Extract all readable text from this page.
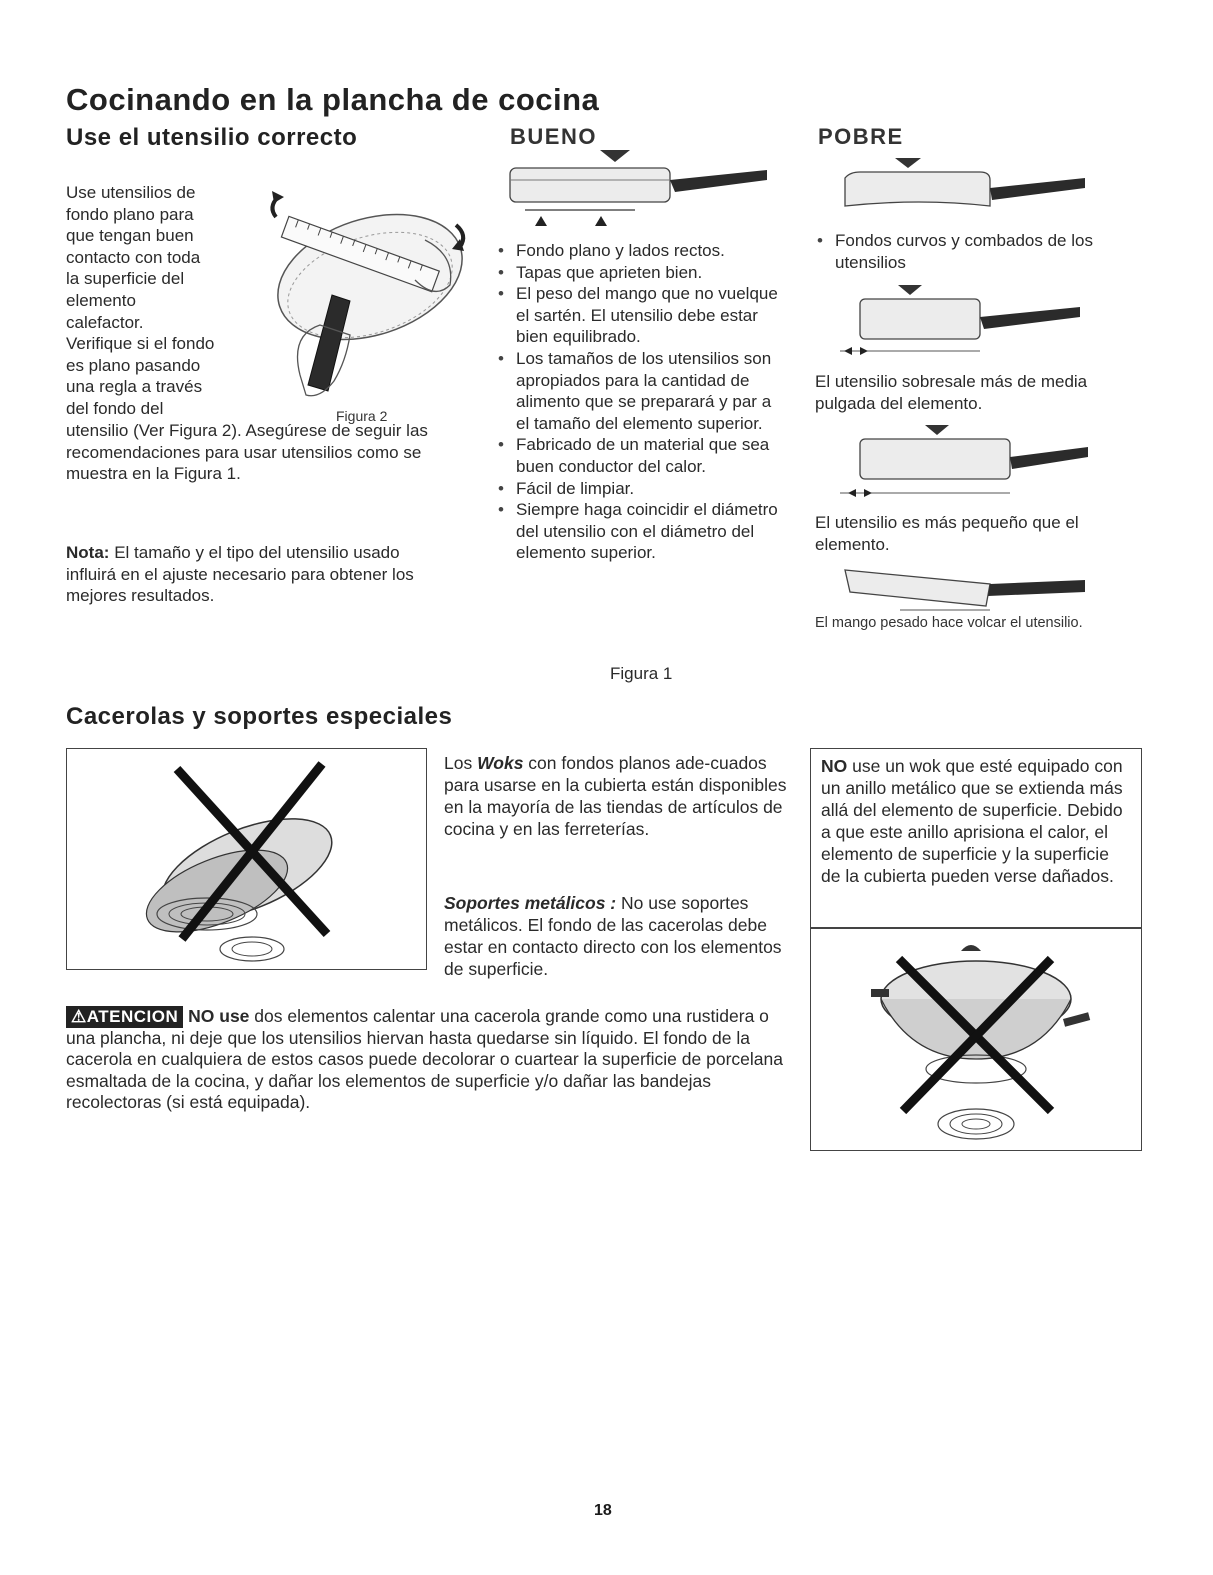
Cocinando en la plancha de cocina
Use el utensilio correcto
Use utensilios de
fondo plano para
que tengan buen
contacto con toda
la superficie del
elemento
calefactor.
Verifique si el fondo
es plano pasando
una regla a través
del fondo del
utensilio (Ver Figura 2). Asegúrese de seguir las recomendaciones para usar utensilios como se muestra en la Figura 1.
Figura 2
Nota: El tamaño y el tipo del utensilio usado influirá en el ajuste necesario para obtener los mejores resultados.
BUENO
• Fondo plano y lados rectos.
• Tapas que aprieten bien.
• El peso del mango que no vuelque el sartén. El utensilio debe estar bien equilibrado.
• Los tamaños de los utensilios son apropiados para la cantidad de alimento que se preparará y par a el tamaño del elemento superior.
• Fabricado de un material que sea buen conductor del calor.
• Fácil de limpiar.
• Siempre haga coincidir el diámetro del utensilio con el diámetro del elemento superior.
Figura 1
POBRE
• Fondos curvos y combados de los utensilios
El utensilio sobresale más de media pulgada del elemento.
El utensilio es más pequeño que el elemento.
El mango pesado hace volcar el utensilio.
Cacerolas y soportes especiales
Los Woks con fondos planos ade-cuados para usarse en la cubierta están disponibles en la mayoría de las tiendas de artículos de cocina y en las ferreterías.
Soportes metálicos : No use soportes metálicos. El fondo de las cacerolas debe estar en contacto directo con los elementos de superficie.
NO use un wok que esté equipado con un anillo metálico que se extienda más allá del elemento de superficie. Debido a que este anillo aprisiona el calor, el elemento de superficie y la superficie de la cubierta pueden verse dañados.
⚠ATENCION NO use dos elementos calentar una cacerola grande como una rustidera o una plancha, ni deje que los utensilios hiervan hasta quedarse sin líquido. El fondo de la cacerola en cualquiera de estos casos puede decolorar o cuartear la superficie de porcelana esmaltada de la cocina, y dañar los elementos de superficie y/o dañar las bandejas recolectoras (si está equipada).
18
